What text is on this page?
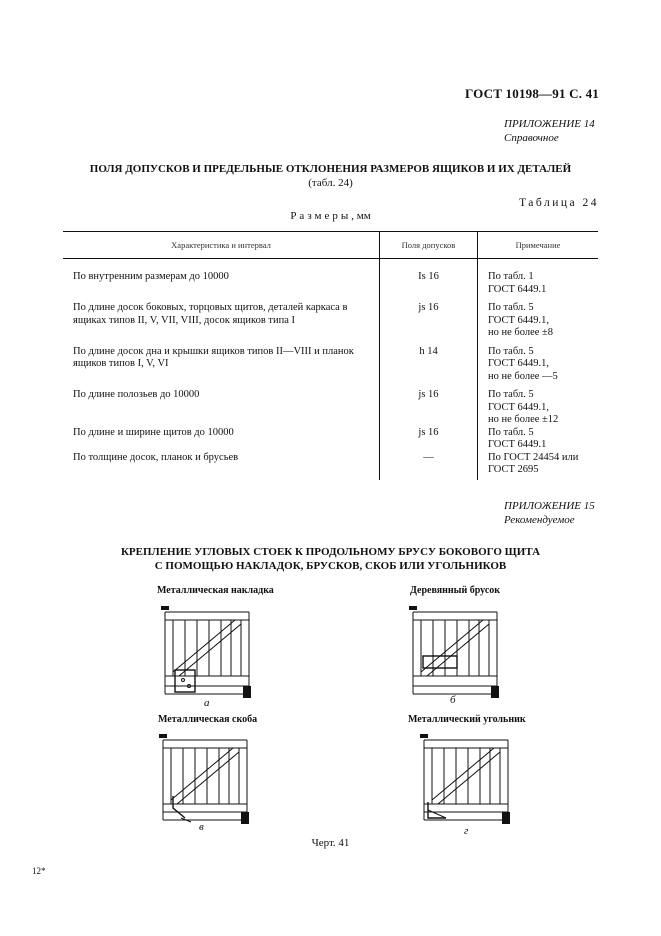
ГОСТ 10198—91 С. 41
ПРИЛОЖЕНИЕ 14
Справочное
ПОЛЯ ДОПУСКОВ И ПРЕДЕЛЬНЫЕ ОТКЛОНЕНИЯ РАЗМЕРОВ ЯЩИКОВ И ИХ ДЕТАЛЕЙ
(табл. 24)
Таблица 24
Размеры, мм
Характеристика и интервал	Поля допусков	Примечание
По внутренним размерам до 10000	Is 16	По табл. 1
ГОСТ 6449.1

По длине досок боковых, торцовых щитов, деталей каркаса в ящиках типов II, V, VII, VIII, досок ящиков типа I	js 16	По табл. 5
ГОСТ 6449.1,
но не более ±8

По длине досок дна и крышки ящиков типов II—VIII и планок ящиков типов I, V, VI	h 14	По табл. 5
ГОСТ 6449.1,
но не более —5

По длине полозьев до 10000	js 16	По табл. 5
ГОСТ 6449.1,
но не более ±12

По длине и ширине щитов до 10000	js 16	По табл. 5
ГОСТ 6449.1

По толщине досок, планок и брусьев	—	По ГОСТ 24454 или
ГОСТ 2695
ПРИЛОЖЕНИЕ 15
Рекомендуемое
КРЕПЛЕНИЕ УГЛОВЫХ СТОЕК К ПРОДОЛЬНОМУ БРУСУ БОКОВОГО ЩИТА
С ПОМОЩЬЮ НАКЛАДОК, БРУСКОВ, СКОБ ИЛИ УГОЛЬНИКОВ
Металлическая накладка
а
Деревянный брусок
б
Металлическая скоба
в
Металлический угольник
г
Черт. 41
12*
